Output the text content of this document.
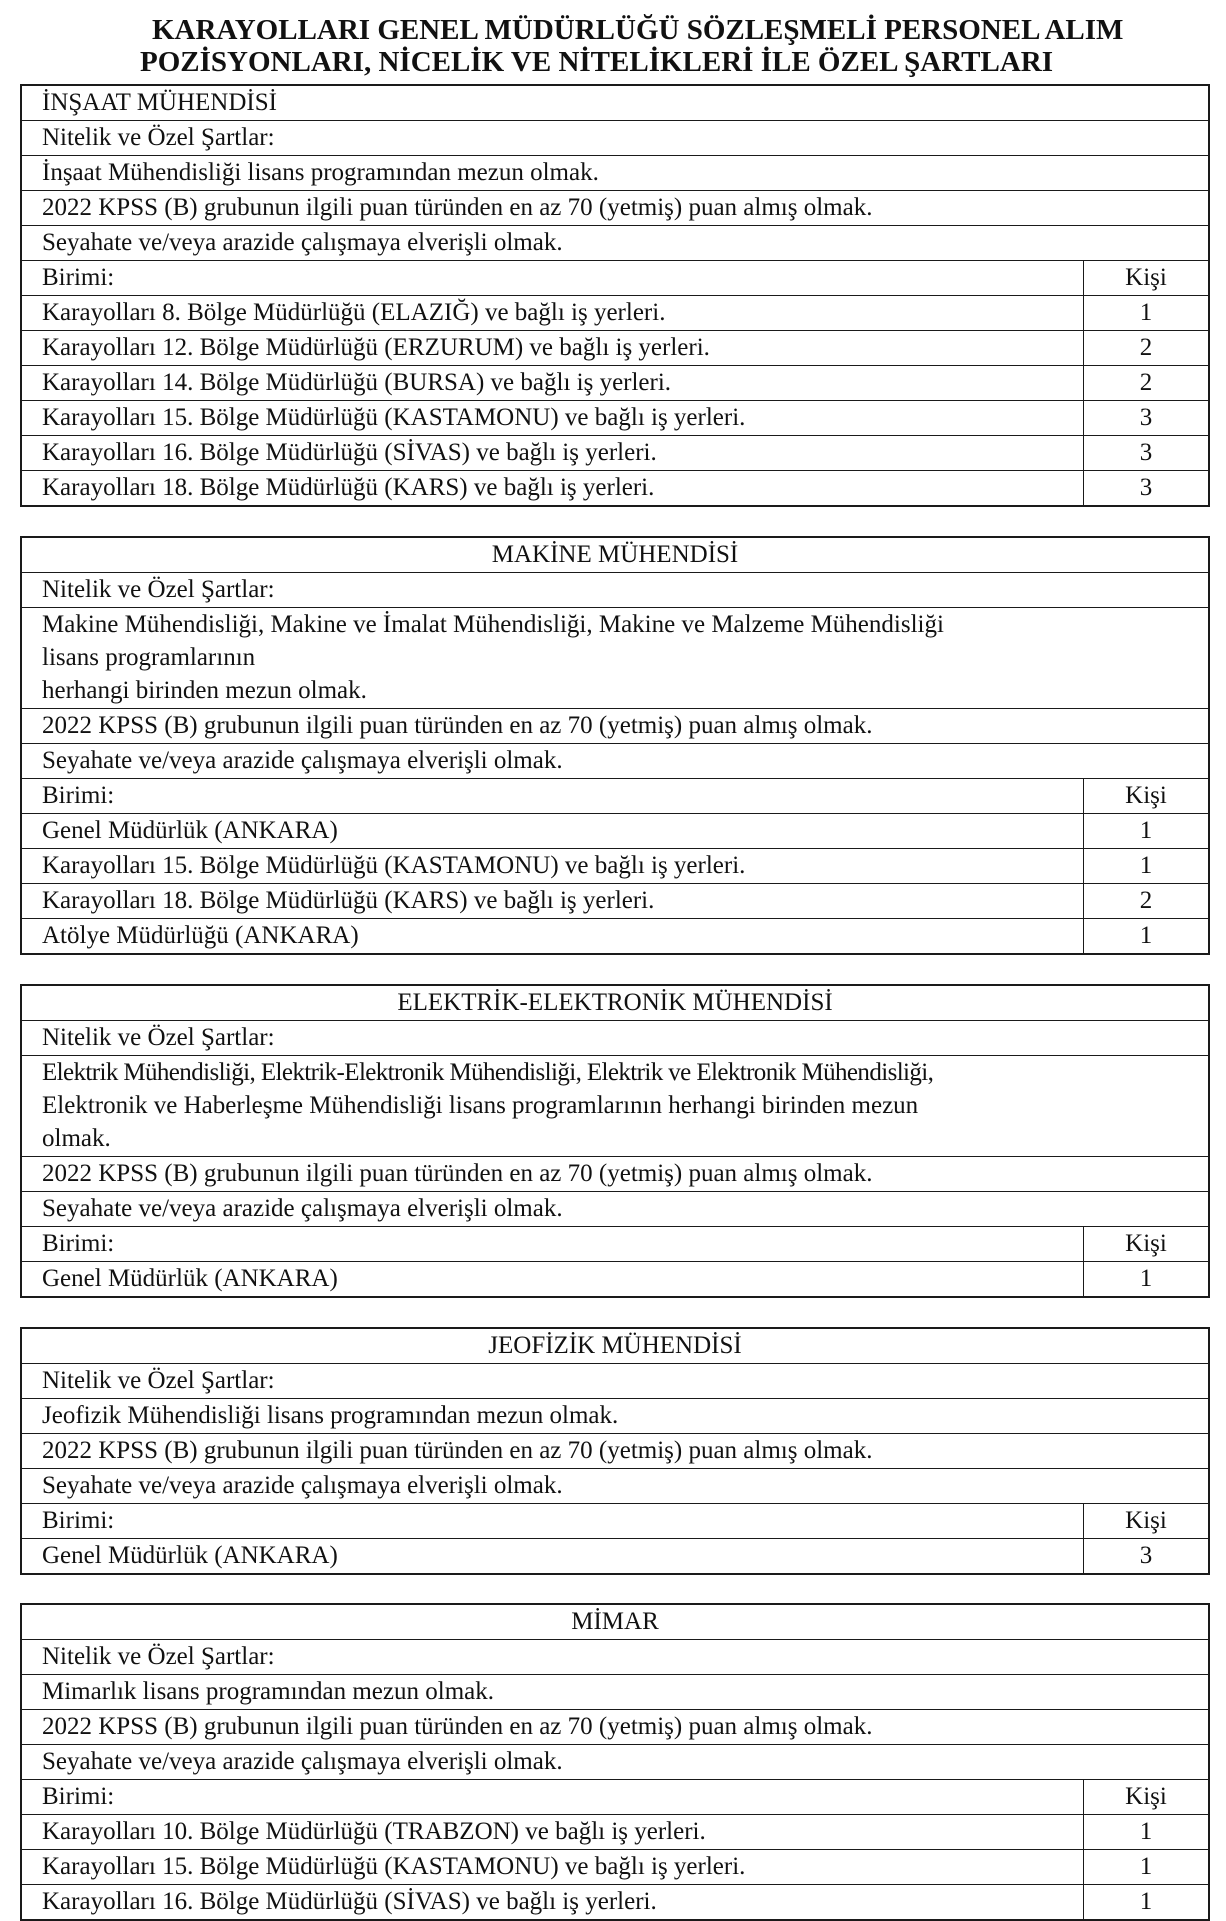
KARAYOLLARI GENEL MÜDÜRLÜĞÜ SÖZLEŞMELİ PERSONEL ALIM
POZİSYONLARI, NİCELİK VE NİTELİKLERİ İLE ÖZEL ŞARTLARI
İNŞAAT MÜHENDİSİ
Nitelik ve Özel Şartlar:
İnşaat Mühendisliği lisans programından mezun olmak.
2022 KPSS (B) grubunun ilgili puan türünden en az 70 (yetmiş) puan almış olmak.
Seyahate ve/veya arazide çalışmaya elverişli olmak.
Birimi:	Kişi
Karayolları 8. Bölge Müdürlüğü (ELAZIĞ) ve bağlı iş yerleri.	1
Karayolları 12. Bölge Müdürlüğü (ERZURUM) ve bağlı iş yerleri.	2
Karayolları 14. Bölge Müdürlüğü (BURSA) ve bağlı iş yerleri.	2
Karayolları 15. Bölge Müdürlüğü (KASTAMONU) ve bağlı iş yerleri.	3
Karayolları 16. Bölge Müdürlüğü (SİVAS) ve bağlı iş yerleri.	3
Karayolları 18. Bölge Müdürlüğü (KARS) ve bağlı iş yerleri.	3
MAKİNE MÜHENDİSİ
Nitelik ve Özel Şartlar:
Makine Mühendisliği, Makine ve İmalat Mühendisliği, Makine ve Malzeme Mühendisliği
lisans programlarının
herhangi birinden mezun olmak.
2022 KPSS (B) grubunun ilgili puan türünden en az 70 (yetmiş) puan almış olmak.
Seyahate ve/veya arazide çalışmaya elverişli olmak.
Birimi:	Kişi
Genel Müdürlük (ANKARA)	1
Karayolları 15. Bölge Müdürlüğü (KASTAMONU) ve bağlı iş yerleri.	1
Karayolları 18. Bölge Müdürlüğü (KARS) ve bağlı iş yerleri.	2
Atölye Müdürlüğü (ANKARA)	1
ELEKTRİK-ELEKTRONİK MÜHENDİSİ
Nitelik ve Özel Şartlar:
Elektrik Mühendisliği, Elektrik-Elektronik Mühendisliği, Elektrik ve Elektronik Mühendisliği,
Elektronik ve Haberleşme Mühendisliği lisans programlarının herhangi birinden mezun
olmak.
2022 KPSS (B) grubunun ilgili puan türünden en az 70 (yetmiş) puan almış olmak.
Seyahate ve/veya arazide çalışmaya elverişli olmak.
Birimi:	Kişi
Genel Müdürlük (ANKARA)	1
JEOFİZİK MÜHENDİSİ
Nitelik ve Özel Şartlar:
Jeofizik Mühendisliği lisans programından mezun olmak.
2022 KPSS (B) grubunun ilgili puan türünden en az 70 (yetmiş) puan almış olmak.
Seyahate ve/veya arazide çalışmaya elverişli olmak.
Birimi:	Kişi
Genel Müdürlük (ANKARA)	3
MİMAR
Nitelik ve Özel Şartlar:
Mimarlık lisans programından mezun olmak.
2022 KPSS (B) grubunun ilgili puan türünden en az 70 (yetmiş) puan almış olmak.
Seyahate ve/veya arazide çalışmaya elverişli olmak.
Birimi:	Kişi
Karayolları 10. Bölge Müdürlüğü (TRABZON) ve bağlı iş yerleri.	1
Karayolları 15. Bölge Müdürlüğü (KASTAMONU) ve bağlı iş yerleri.	1
Karayolları 16. Bölge Müdürlüğü (SİVAS) ve bağlı iş yerleri.	1
